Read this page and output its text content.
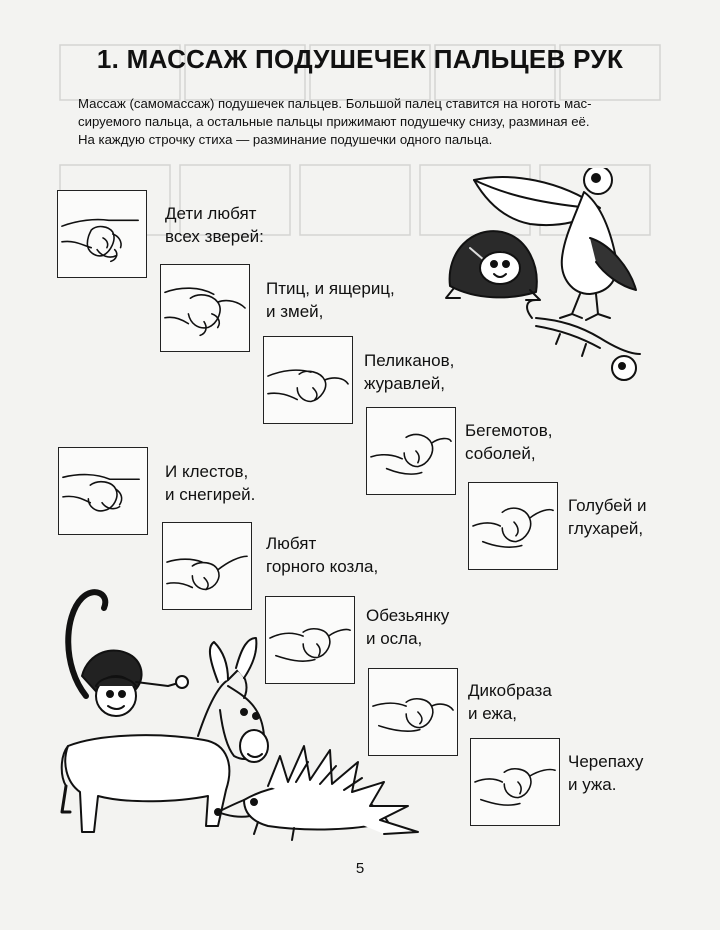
1. МАССАЖ ПОДУШЕЧЕК ПАЛЬЦЕВ РУК

Массаж (самомассаж) подушечек пальцев. Большой палец ставится на ноготь мас-

сируемого пальца, а остальные пальцы прижимают подушечку снизу, разминая её.

На каждую строчку стиха — разминание подушечки одного пальца.

Дети любят
всех зверей:
Птиц, и ящериц,
и змей,
Пеликанов,
журавлей,
Бегемотов,
соболей,
Голубей и
глухарей,
И клестов,
и снегирей.
Любят
горного козла,
Обезьянку
и осла,
Дикобраза
и ежа,
Черепаху
и ужа.
5
